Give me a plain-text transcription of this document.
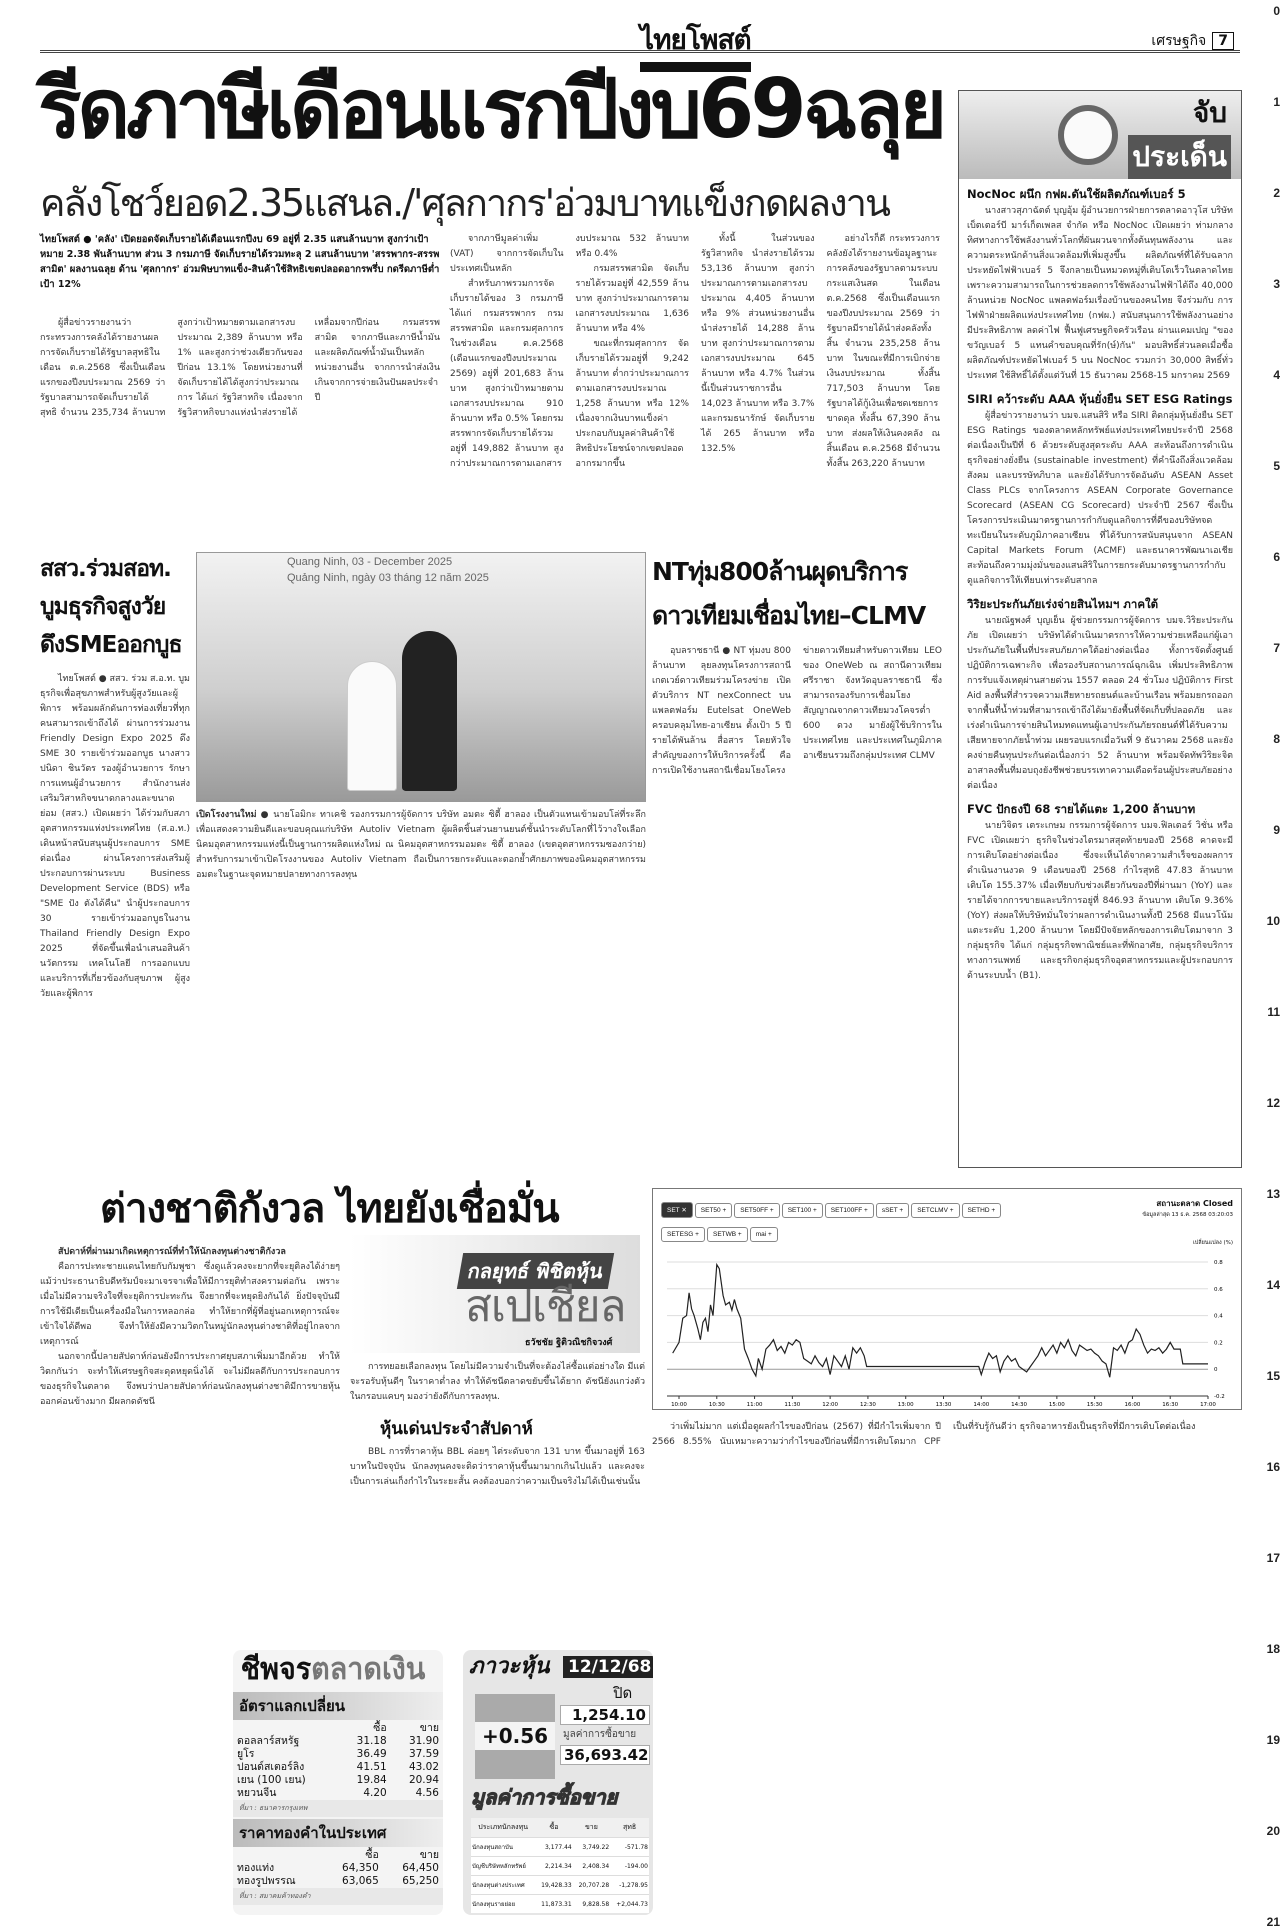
0
1
2
3
4
5
6
7
8
9
10
11
12
13
14
15
16
17
18
19
20
21
ไทยโพสต์
	เศรษฐกิจ 7
รีดภาษีเดือนแรกปีงบ69ฉลุย
คลังโชว์ยอด2.35แสนล./'ศุลกากร'อ่วมบาทแข็งกดผลงาน
ไทยโพสต์ ● 'คลัง' เปิดยอดจัดเก็บรายได้เดือนแรกปีงบ 69 อยู่ที่ 2.35 แสนล้านบาท สูงกว่าเป้าหมาย 2.38 พันล้านบาท ส่วน 3 กรมภาษี จัดเก็บรายได้รวมทะลุ 2 แสนล้านบาท 'สรรพากร-สรรพสามิต' ผลงานฉลุย ด้าน 'ศุลกากร' อ่วมพิษบาทแข็ง-สินค้าใช้สิทธิเขตปลอดอากรพรึ่บ กดรีดภาษีต่ำเป้า 12%

ผู้สื่อข่าวรายงานว่า กระทรวงการคลังได้รายงานผลการจัดเก็บรายได้รัฐบาลสุทธิในเดือน ต.ค.2568 ซึ่งเป็นเดือนแรกของปีงบประมาณ 2569 ว่ารัฐบาลสามารถจัดเก็บรายได้สุทธิ จำนวน 235,734 ล้านบาท สูงกว่าเป้าหมายตามเอกสารงบประมาณ 2,389 ล้านบาท หรือ 1% และสูงกว่าช่วงเดียวกันของปีก่อน 13.1% โดยหน่วยงานที่จัดเก็บรายได้ได้สูงกว่าประมาณการ ได้แก่ รัฐวิสาหกิจ เนื่องจากรัฐวิสาหกิจบางแห่งนำส่งรายได้เหลื่อมจากปีก่อน กรมสรรพสามิต จากภาษีและภาษีน้ำมันและผลิตภัณฑ์น้ำมันเป็นหลัก หน่วยงานอื่น จากการนำส่งเงินเกินจากการจ่ายเงินปันผลประจำปี

จากภาษีมูลค่าเพิ่ม (VAT) จากการจัดเก็บในประเทศเป็นหลัก

สำหรับภาพรวมการจัดเก็บรายได้ของ 3 กรมภาษี ได้แก่ กรมสรรพากร กรมสรรพสามิต และกรมศุลกากร ในช่วงเดือน ต.ค.2568 (เดือนแรกของปีงบประมาณ 2569) อยู่ที่ 201,683 ล้านบาท สูงกว่าเป้าหมายตามเอกสารงบประมาณ 910 ล้านบาท หรือ 0.5% โดยกรมสรรพากรจัดเก็บรายได้รวมอยู่ที่ 149,882 ล้านบาท สูงกว่าประมาณการตามเอกสารงบประมาณ 532 ล้านบาท หรือ 0.4%

กรมสรรพสามิต จัดเก็บรายได้รวมอยู่ที่ 42,559 ล้านบาท สูงกว่าประมาณการตามเอกสารงบประมาณ 1,636 ล้านบาท หรือ 4%

ขณะที่กรมศุลกากร จัดเก็บรายได้รวมอยู่ที่ 9,242 ล้านบาท ต่ำกว่าประมาณการตามเอกสารงบประมาณ 1,258 ล้านบาท หรือ 12% เนื่องจากเงินบาทแข็งค่า ประกอบกับมูลค่าสินค้าใช้สิทธิประโยชน์จากเขตปลอดอากรมากขึ้น

ทั้งนี้ ในส่วนของรัฐวิสาหกิจ นำส่งรายได้รวม 53,136 ล้านบาท สูงกว่าประมาณการตามเอกสารงบประมาณ 4,405 ล้านบาท หรือ 9% ส่วนหน่วยงานอื่น นำส่งรายได้ 14,288 ล้านบาท สูงกว่าประมาณการตามเอกสารงบประมาณ 645 ล้านบาท หรือ 4.7% ในส่วนนี้เป็นส่วนราชการอื่น 14,023 ล้านบาท หรือ 3.7% และกรมธนารักษ์ จัดเก็บรายได้ 265 ล้านบาท หรือ 132.5%

อย่างไรก็ดี กระทรวงการคลังยังได้รายงานข้อมูลฐานะการคลังของรัฐบาลตามระบบกระแสเงินสด ในเดือน ต.ค.2568 ซึ่งเป็นเดือนแรกของปีงบประมาณ 2569 ว่า รัฐบาลมีรายได้นำส่งคลังทั้งสิ้น จำนวน 235,258 ล้านบาท ในขณะที่มีการเบิกจ่ายเงินงบประมาณ ทั้งสิ้น 717,503 ล้านบาท โดยรัฐบาลได้กู้เงินเพื่อชดเชยการขาดดุล ทั้งสิ้น 67,390 ล้านบาท ส่งผลให้เงินคงคลัง ณ สิ้นเดือน ต.ค.2568 มีจำนวนทั้งสิ้น 263,220 ล้านบาท

จับ
ประเด็น
NocNoc ผนึก กฟผ.ดันใช้ผลิตภัณฑ์เบอร์ 5

นางสาวสุภาฉัตต์ บุญอุ้ม ผู้อำนวยการฝ่ายการตลาดอาวุโส บริษัท เบ็ตเตอร์บี มาร์เก็ตเพลส จำกัด หรือ NocNoc เปิดเผยว่า ท่ามกลางทิศทางการใช้พลังงานทั่วโลกที่ผันผวนจากทั้งต้นทุนพลังงาน และความตระหนักด้านสิ่งแวดล้อมที่เพิ่มสูงขึ้น ผลิตภัณฑ์ที่ได้รับฉลากประหยัดไฟฟ้าเบอร์ 5 จึงกลายเป็นหมวดหมู่ที่เติบโตเร็วในตลาดไทย เพราะความสามารถในการช่วยลดการใช้พลังงานไฟฟ้าได้ถึง 40,000 ล้านหน่วย NocNoc แพลตฟอร์มเรื่องบ้านของคนไทย จึงร่วมกับ การไฟฟ้าฝ่ายผลิตแห่งประเทศไทย (กฟผ.) สนับสนุนการใช้พลังงานอย่างมีประสิทธิภาพ ลดค่าไฟ ฟื้นฟูเศรษฐกิจครัวเรือน ผ่านแคมเปญ "ของขวัญเบอร์ 5 แทนคำขอบคุณที่รัก(ษ์)กัน" มอบสิทธิ์ส่วนลดเมื่อซื้อผลิตภัณฑ์ประหยัดไฟเบอร์ 5 บน NocNoc รวมกว่า 30,000 สิทธิ์ทั่วประเทศ ใช้สิทธิ์ได้ตั้งแต่วันที่ 15 ธันวาคม 2568-15 มกราคม 2569

SIRI คว้าระดับ AAA หุ้นยั่งยืน SET ESG Ratings

ผู้สื่อข่าวรายงานว่า บมจ.แสนสิริ หรือ SIRI ติดกลุ่มหุ้นยั่งยืน SET ESG Ratings ของตลาดหลักทรัพย์แห่งประเทศไทยประจำปี 2568 ต่อเนื่องเป็นปีที่ 6 ด้วยระดับสูงสุดระดับ AAA สะท้อนถึงการดำเนินธุรกิจอย่างยั่งยืน (sustainable investment) ที่คำนึงถึงสิ่งแวดล้อม สังคม และบรรษัทภิบาล และยังได้รับการจัดอันดับ ASEAN Asset Class PLCs จากโครงการ ASEAN Corporate Governance Scorecard (ASEAN CG Scorecard) ประจำปี 2567 ซึ่งเป็นโครงการประเมินมาตรฐานการกำกับดูแลกิจการที่ดีของบริษัทจดทะเบียนในระดับภูมิภาคอาเซียน ที่ได้รับการสนับสนุนจาก ASEAN Capital Markets Forum (ACMF) และธนาคารพัฒนาเอเชีย สะท้อนถึงความมุ่งมั่นของแสนสิริในการยกระดับมาตรฐานการกำกับดูแลกิจการให้เทียบเท่าระดับสากล

วิริยะประกันภัยเร่งจ่ายสินไหมฯ ภาคใต้

นายณัฐพงศ์ บุญเย็น ผู้ช่วยกรรมการผู้จัดการ บมจ.วิริยะประกันภัย เปิดเผยว่า บริษัทได้ดำเนินมาตรการให้ความช่วยเหลือแก่ผู้เอาประกันภัยในพื้นที่ประสบภัยภาคใต้อย่างต่อเนื่อง ทั้งการจัดตั้งศูนย์ปฏิบัติการเฉพาะกิจ เพื่อรองรับสถานการณ์ฉุกเฉิน เพิ่มประสิทธิภาพการรับแจ้งเหตุผ่านสายด่วน 1557 ตลอด 24 ชั่วโมง ปฏิบัติการ First Aid ลงพื้นที่สำรวจความเสียหายรถยนต์และบ้านเรือน พร้อมยกรถออกจากพื้นที่น้ำท่วมที่สามารถเข้าถึงได้มายังพื้นที่จัดเก็บที่ปลอดภัย และเร่งดำเนินการจ่ายสินไหมทดแทนผู้เอาประกันภัยรถยนต์ที่ได้รับความเสียหายจากภัยน้ำท่วม เผยรอบแรกเมื่อวันที่ 9 ธันวาคม 2568 และยังคงจ่ายคืนทุนประกันต่อเนื่องกว่า 52 ล้านบาท พร้อมจัดทัพวิริยะจิตอาสาลงพื้นที่มอบถุงยังชีพช่วยบรรเทาความเดือดร้อนผู้ประสบภัยอย่างต่อเนื่อง

FVC ปักธงปี 68 รายได้แตะ 1,200 ล้านบาท

นายวิจิตร เตระเกษม กรรมการผู้จัดการ บมจ.ฟิลเตอร์ วิชั่น หรือ FVC เปิดเผยว่า ธุรกิจในช่วงไตรมาสสุดท้ายของปี 2568 คาดจะมีการเติบโตอย่างต่อเนื่อง ซึ่งจะเห็นได้จากความสำเร็จของผลการดำเนินงานงวด 9 เดือนของปี 2568 กำไรสุทธิ 47.83 ล้านบาท เติบโต 155.37% เมื่อเทียบกับช่วงเดียวกันของปีที่ผ่านมา (YoY) และรายได้จากการขายและบริการอยู่ที่ 846.93 ล้านบาท เติบโต 9.36% (YoY) ส่งผลให้บริษัทมั่นใจว่าผลการดำเนินงานทั้งปี 2568 มีแนวโน้มแตะระดับ 1,200 ล้านบาท โดยมีปัจจัยหลักของการเติบโตมาจาก 3 กลุ่มธุรกิจ ได้แก่ กลุ่มธุรกิจพาณิชย์และที่พักอาศัย, กลุ่มธุรกิจบริการทางการแพทย์ และธุรกิจกลุ่มธุรกิจอุตสาหกรรมและผู้ประกอบการด้านระบบน้ำ (B1).

สสว.ร่วมสอท.
บูมธุรกิจสูงวัย
ดึงSMEออกบูธ

ไทยโพสต์ ● สสว. ร่วม ส.อ.ท. บูมธุรกิจเพื่อสุขภาพสำหรับผู้สูงวัยและผู้พิการ พร้อมผลักดันการท่องเที่ยวที่ทุกคนสามารถเข้าถึงได้ ผ่านการร่วมงาน Friendly Design Expo 2025 ดึง SME 30 รายเข้าร่วมออกบูธ นางสาวปนิดา ชินวัตร รองผู้อำนวยการ รักษาการแทนผู้อำนวยการ สำนักงานส่งเสริมวิสาหกิจขนาดกลางและขนาดย่อม (สสว.) เปิดเผยว่า ได้ร่วมกับสภาอุตสาหกรรมแห่งประเทศไทย (ส.อ.ท.) เดินหน้าสนับสนุนผู้ประกอบการ SME ต่อเนื่อง ผ่านโครงการส่งเสริมผู้ประกอบการผ่านระบบ Business Development Service (BDS) หรือ "SME ปัง ตังได้คืน" นำผู้ประกอบการ 30 รายเข้าร่วมออกบูธในงาน Thailand Friendly Design Expo 2025 ที่จัดขึ้นเพื่อนำเสนอสินค้า นวัตกรรม เทคโนโลยี การออกแบบ และบริการที่เกี่ยวข้องกับสุขภาพ ผู้สูงวัยและผู้พิการ

Quang Ninh, 03 - December 2025
Quảng Ninh, ngày 03 tháng 12 năm 2025
เปิดโรงงานใหม่ ● นายโอมิกะ ทาเคชิ รองกรรมการผู้จัดการ บริษัท อมตะ ซิตี้ ฮาลอง เป็นตัวแทนเข้ามอบโล่ที่ระลึกเพื่อแสดงความยินดีและขอบคุณแก่บริษัท Autoliv Vietnam ผู้ผลิตชิ้นส่วนยานยนต์ชั้นนำระดับโลกที่ไว้วางใจเลือกนิคมอุตสาหกรรมแห่งนี้เป็นฐานการผลิตแห่งใหม่ ณ นิคมอุตสาหกรรมอมตะ ซิตี้ ฮาลอง (เขตอุตสาหกรรมซองกว่าย) สำหรับการมาเข้าเปิดโรงงานของ Autoliv Vietnam ถือเป็นการยกระดับและตอกย้ำศักยภาพของนิคมอุตสาหกรรมอมตะในฐานะจุดหมายปลายทางการลงทุน
NTทุ่ม800ล้านผุดบริการ
ดาวเทียมเชื่อมไทย–CLMV

อุบลราชธานี ● NT ทุ่มงบ 800 ล้านบาท ลุยลงทุนโครงการสถานีเกตเวย์ดาวเทียมร่วมโครงข่าย เปิดตัวบริการ NT nexConnect บนแพลตฟอร์ม Eutelsat OneWeb ครอบคลุมไทย-อาเซียน ตั้งเป้า 5 ปีรายได้พันล้าน สื่อสาร โดยหัวใจสำคัญของการให้บริการครั้งนี้ คือการเปิดใช้งานสถานีเชื่อมโยงโครงข่ายดาวเทียมสำหรับดาวเทียม LEO ของ OneWeb ณ สถานีดาวเทียมศรีราชา จังหวัดอุบลราชธานี ซึ่งสามารถรองรับการเชื่อมโยงสัญญาณจากดาวเทียมวงโคจรต่ำ 600 ดวง มายังผู้ใช้บริการในประเทศไทย และประเทศในภูมิภาคอาเซียนรวมถึงกลุ่มประเทศ CLMV

ต่างชาติกังวล ไทยยังเชื่อมั่น
กลยุทธ์ พิชิตหุ้น
สเปเชียล
ธวัชชัย ฐิติวณิชกิจวงศ์

สัปดาห์ที่ผ่านมาเกิดเหตุการณ์ที่ทำให้นักลงทุนต่างชาติกังวล

คือการปะทะชายแดนไทยกับกัมพูชา ซึ่งดูแล้วคงจะยากที่จะยุติลงได้ง่ายๆ แม้ว่าประธานาธิบดีทรัมป์จะมาเจรจาเพื่อให้มีการยุติทำสงครามต่อกัน เพราะเมื่อไม่มีความจริงใจที่จะยุติการปะทะกัน จึงยากที่จะหยุดยิงกันได้ ยิ่งปัจจุบันมีการใช้มีเดียเป็นเครื่องมือในการหลอกล่อ ทำให้ยากที่ผู้ที่อยู่นอกเหตุการณ์จะเข้าใจได้ดีพอ จึงทำให้ยังมีความวิตกในหมู่นักลงทุนต่างชาติที่อยู่ไกลจากเหตุการณ์

นอกจากนี้ปลายสัปดาห์ก่อนยังมีการประกาศยุบสภาเพิ่มมาอีกด้วย ทำให้วิตกกันว่า จะทำให้เศรษฐกิจสะดุดหยุดนิ่งได้ จะไม่มีผลดีกับการประกอบการของธุรกิจในตลาด จึงพบว่าปลายสัปดาห์ก่อนนักลงทุนต่างชาติมีการขายหุ้นออกค่อนข้างมาก มีผลกดดัชนี

การทยอยเลือกลงทุน โดยไม่มีความจำเป็นที่จะต้องไล่ซื้อแต่อย่างใด มีแต่จะรอรับหุ้นดีๆ ในราคาต่ำลง ทำให้ดัชนีตลาดขยับขึ้นได้ยาก ดัชนียังแกว่งตัวในกรอบแคบๆ มองว่ายังดีกับการลงทุน.

หุ้นเด่นประจำสัปดาห์

BBL การที่ราคาหุ้น BBL ค่อยๆ ไต่ระดับจาก 131 บาท ขึ้นมาอยู่ที่ 163 บาทในปัจจุบัน นักลงทุนคงจะติดว่าราคาหุ้นขึ้นมามากเกินไปแล้ว และคงจะเป็นการเล่นเก็งกำไรในระยะสั้น คงต้องบอกว่าความเป็นจริงไม่ได้เป็นเช่นนั้น

ว่าเพิ่มไม่มาก แต่เมื่อดูผลกำไรของปีก่อน (2567) ที่มีกำไรเพิ่มจาก ปี 2566 8.55% นับเหมาะความว่ากำไรของปีก่อนที่มีการเติบโตมาก CPF เป็นที่รับรู้กันดีว่า ธุรกิจอาหารยังเป็นธุรกิจที่มีการเติบโตต่อเนื่อง

SET ✕ SET50 + SET50FF + SET100 + SET100FF + sSET + SETCLMV + SETHD +
SETESG + SETWB + mai +
สถานะตลาด Closed
ข้อมูลล่าสุด 13 ธ.ค. 2568 03:20:03
เปลี่ยนแปลง (%)
0.8
0.6
0.4
0.2
0
-0.2
10:00	10:30	11:00	11:30	12:00	12:30	13:00	13:30	14:00	14:30	15:00	15:30	16:00	16:30	17:00
ชีพจรตลาดเงิน
อัตราแลกเปลี่ยน
	ซื้อ	ขาย
ดอลลาร์สหรัฐ	31.18	31.90
ยูโร	36.49	37.59
ปอนด์สเตอร์ลิง	41.51	43.02
เยน (100 เยน)	19.84	20.94
หยวนจีน	4.20	4.56
ที่มา : ธนาคารกรุงเทพ
ราคาทองคำในประเทศ
	ซื้อ	ขาย
ทองแท่ง	64,350	64,450
ทองรูปพรรณ	63,065	65,250
ที่มา : สมาคมค้าทองคำ
ภาวะหุ้น 12/12/68
+0.56
ปิด
1,254.10
มูลค่าการซื้อขาย
36,693.42
มูลค่าการซื้อขาย
ประเภทนักลงทุน	ซื้อ	ขาย	สุทธิ
นักลงทุนสถาบัน	3,177.44	3,749.22	-571.78
บัญชีบริษัทหลักทรัพย์	2,214.34	2,408.34	-194.00
นักลงทุนต่างประเทศ	19,428.33	20,707.28	-1,278.95
นักลงทุนรายย่อย	11,873.31	9,828.58	+2,044.73
